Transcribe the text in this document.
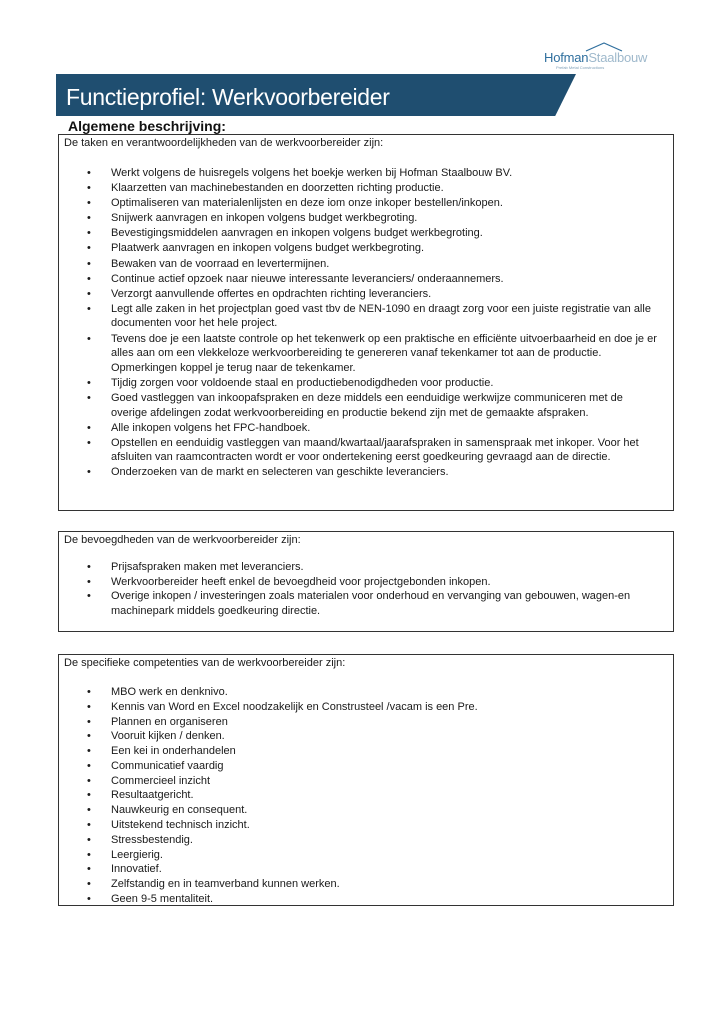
HofmanStaalbouw
Prefab Metal Constructions
Functieprofiel: Werkvoorbereider
Algemene beschrijving:
De taken en verantwoordelijkheden van de werkvoorbereider zijn:
• Werkt volgens de huisregels volgens het boekje werken bij Hofman Staalbouw BV.
• Klaarzetten van machinebestanden en doorzetten richting productie.
• Optimaliseren van materialenlijsten en deze iom onze inkoper bestellen/inkopen.
• Snijwerk aanvragen en inkopen volgens budget werkbegroting.
• Bevestigingsmiddelen aanvragen en inkopen volgens budget werkbegroting.
• Plaatwerk aanvragen en inkopen volgens budget werkbegroting.
• Bewaken van de voorraad en levertermijnen.
• Continue actief opzoek naar nieuwe interessante leveranciers/ onderaannemers.
• Verzorgt aanvullende offertes en opdrachten richting leveranciers.
• Legt alle zaken in het projectplan goed vast tbv de NEN-1090 en draagt zorg voor een juiste registratie van alle documenten voor het hele project.
• Tevens doe je een laatste controle op het tekenwerk op een praktische en efficiënte uitvoerbaarheid en doe je er alles aan om een vlekkeloze werkvoorbereiding te genereren vanaf tekenkamer tot aan de productie. Opmerkingen koppel je terug naar de tekenkamer.
• Tijdig zorgen voor voldoende staal en productiebenodigdheden voor productie.
• Goed vastleggen van inkoopafspraken en deze middels een eenduidige werkwijze communiceren met de overige afdelingen zodat werkvoorbereiding en productie bekend zijn met de gemaakte afspraken.
• Alle inkopen volgens het FPC-handboek.
• Opstellen en eenduidig vastleggen van maand/kwartaal/jaarafspraken in samenspraak met inkoper. Voor het afsluiten van raamcontracten wordt er voor ondertekening eerst goedkeuring gevraagd aan de directie.
• Onderzoeken van de markt en selecteren van geschikte leveranciers.
De bevoegdheden van de werkvoorbereider zijn:
• Prijsafspraken maken met leveranciers.
• Werkvoorbereider heeft enkel de bevoegdheid voor projectgebonden inkopen.
• Overige inkopen / investeringen zoals materialen voor onderhoud en vervanging van gebouwen, wagen-en machinepark middels goedkeuring directie.
De specifieke competenties van de werkvoorbereider zijn:
• MBO werk en denknivo.
• Kennis van Word en Excel noodzakelijk en Construsteel /vacam is een Pre.
• Plannen en organiseren
• Vooruit kijken / denken.
• Een kei in onderhandelen
• Communicatief vaardig
• Commercieel inzicht
• Resultaatgericht.
• Nauwkeurig en consequent.
• Uitstekend technisch inzicht.
• Stressbestendig.
• Leergierig.
• Innovatief.
• Zelfstandig en in teamverband kunnen werken.
• Geen 9-5 mentaliteit.
